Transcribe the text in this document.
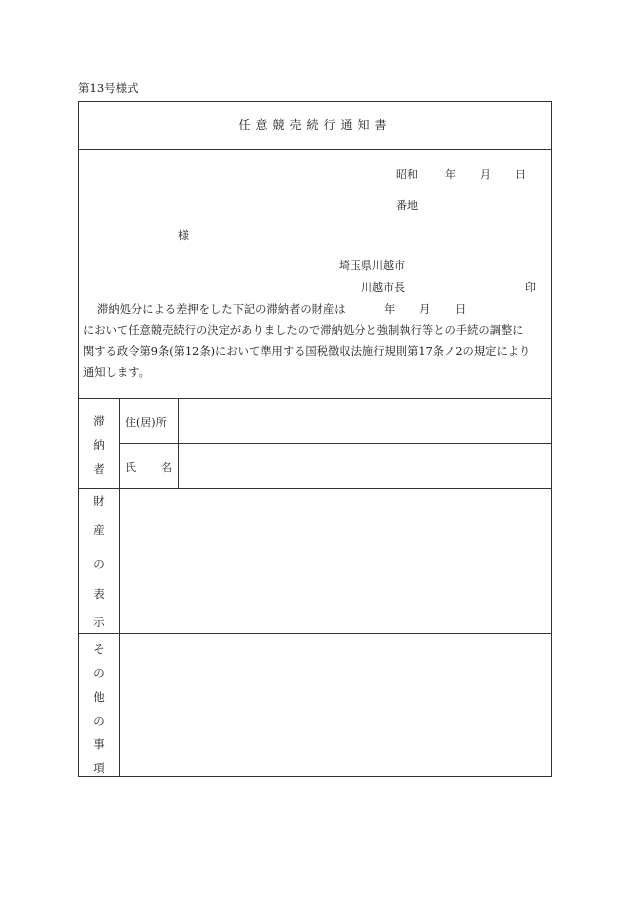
第13号様式
任意競売続行通知書
昭和 年 月 日
番地
様
埼玉県川越市
川越市長	印
滞納処分による差押をした下記の滞納者の財産は	年 月 日
において任意競売続行の決定がありましたので滞納処分と強制執行等との手続の調整に
関する政令第9条(第12条)において準用する国税徴収法施行規則第17条ノ2の規定により
通知します。
滞
納
者
住(居)所
氏 名
財
産
の
表
示
そ
の
他
の
事
項
